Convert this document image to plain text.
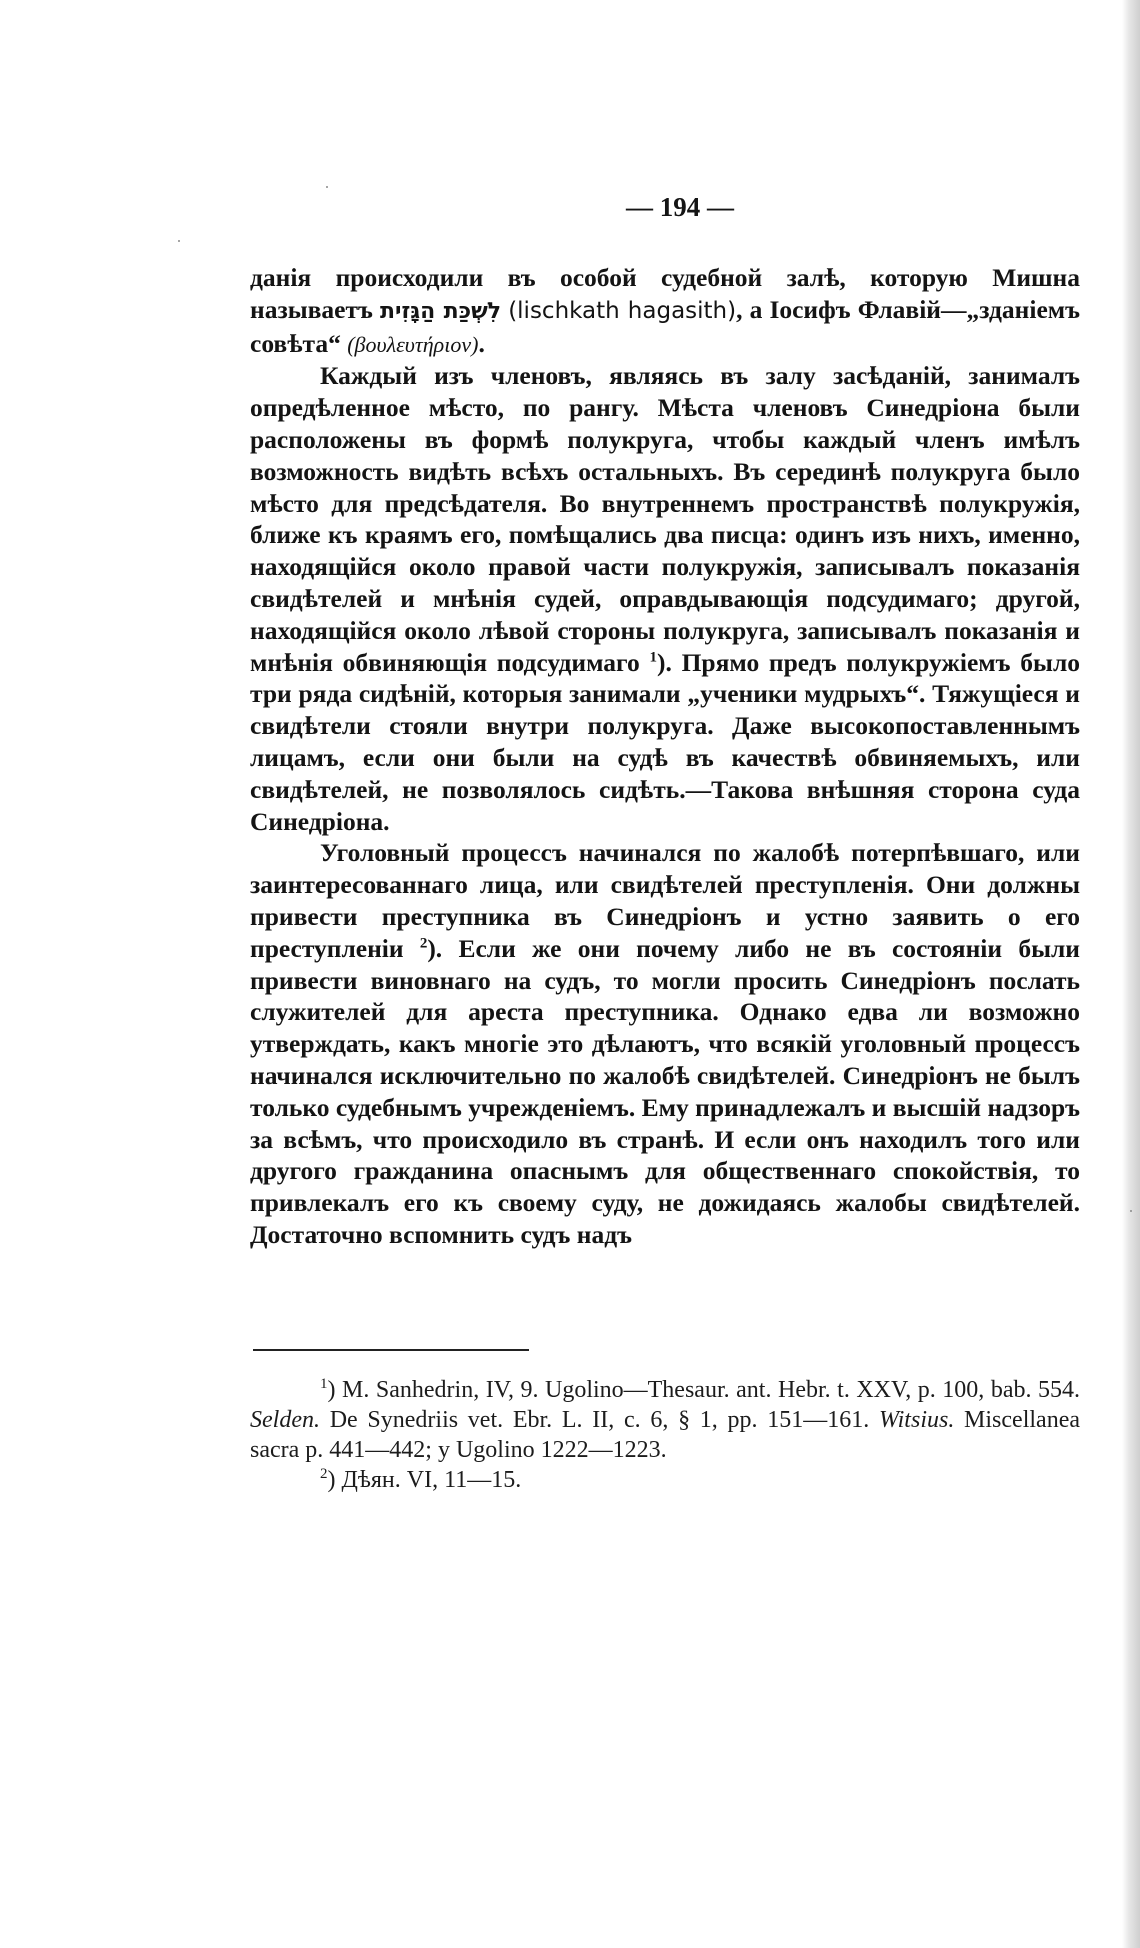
— 194 —

данія происходили въ особой судебной залѣ, которую Мишна называетъ לִשְׁכַּת הַגָּזִית (lischkath hagasith), a Іосифъ Флавій—„зданіемъ совѣта“ (βουλευτήριον).

Каждый изъ членовъ, являясь въ залу засѣданій, занималъ опредѣленное мѣсто, по рангу. Мѣста членовъ Синедріона были расположены въ формѣ полукруга, чтобы каждый членъ имѣлъ возможность видѣть всѣхъ остальныхъ. Въ серединѣ полукруга было мѣсто для предсѣдателя. Во внутреннемъ пространствѣ полукружія, ближе къ краямъ его, помѣщались два писца: одинъ изъ нихъ, именно, находящійся около правой части полукружія, записывалъ показанія свидѣтелей и мнѣнія судей, оправдывающія подсудимаго; другой, находящійся около лѣвой стороны полукруга, записывалъ показанія и мнѣнія обвиняющія подсудимаго $^1$). Прямо предъ полукружіемъ было три ряда сидѣній, которыя занимали „ученики мудрыхъ“. Тяжущіеся и свидѣтели стояли внутри полукруга. Даже высокопоставленнымъ лицамъ, если они были на судѣ въ качествѣ обвиняемыхъ, или свидѣтелей, не позволялось сидѣть.—Такова внѣшняя сторона суда Синедріона.

Уголовный процессъ начинался по жалобѣ потерпѣвшаго, или заинтересованнаго лица, или свидѣтелей преступленія. Они должны привести преступника въ Синедріонъ и устно заявить о его преступленіи $^2$). Если же они почему либо не въ состояніи были привести виновнаго на судъ, то могли просить Синедріонъ послать служителей для ареста преступника. Однако едва ли возможно утверждать, какъ многіе это дѣлаютъ, что всякій уголовный процессъ начинался исключительно по жалобѣ свидѣтелей. Синедріонъ не былъ только судебнымъ учрежденіемъ. Ему принадлежалъ и высшій надзоръ за всѣмъ, что происходило въ странѣ. И если онъ находилъ того или другого гражданина опаснымъ для общественнаго спокойствія, то привлекалъ его къ своему суду, не дожидаясь жалобы свидѣтелей. Достаточно вспомнить судъ надъ

$^1$) M. Sanhedrin, IV, 9. Ugolino—Thesaur. ant. Hebr. t. XXV, p. 100, bab. 554. Selden. De Synedriis vet. Ebr. L. II, c. 6, § 1, pp. 151—161. Witsius. Miscellanea sacra p. 441—442; y Ugolino 1222—1223.

$^2$) Дѣян. VI, 11—15.
